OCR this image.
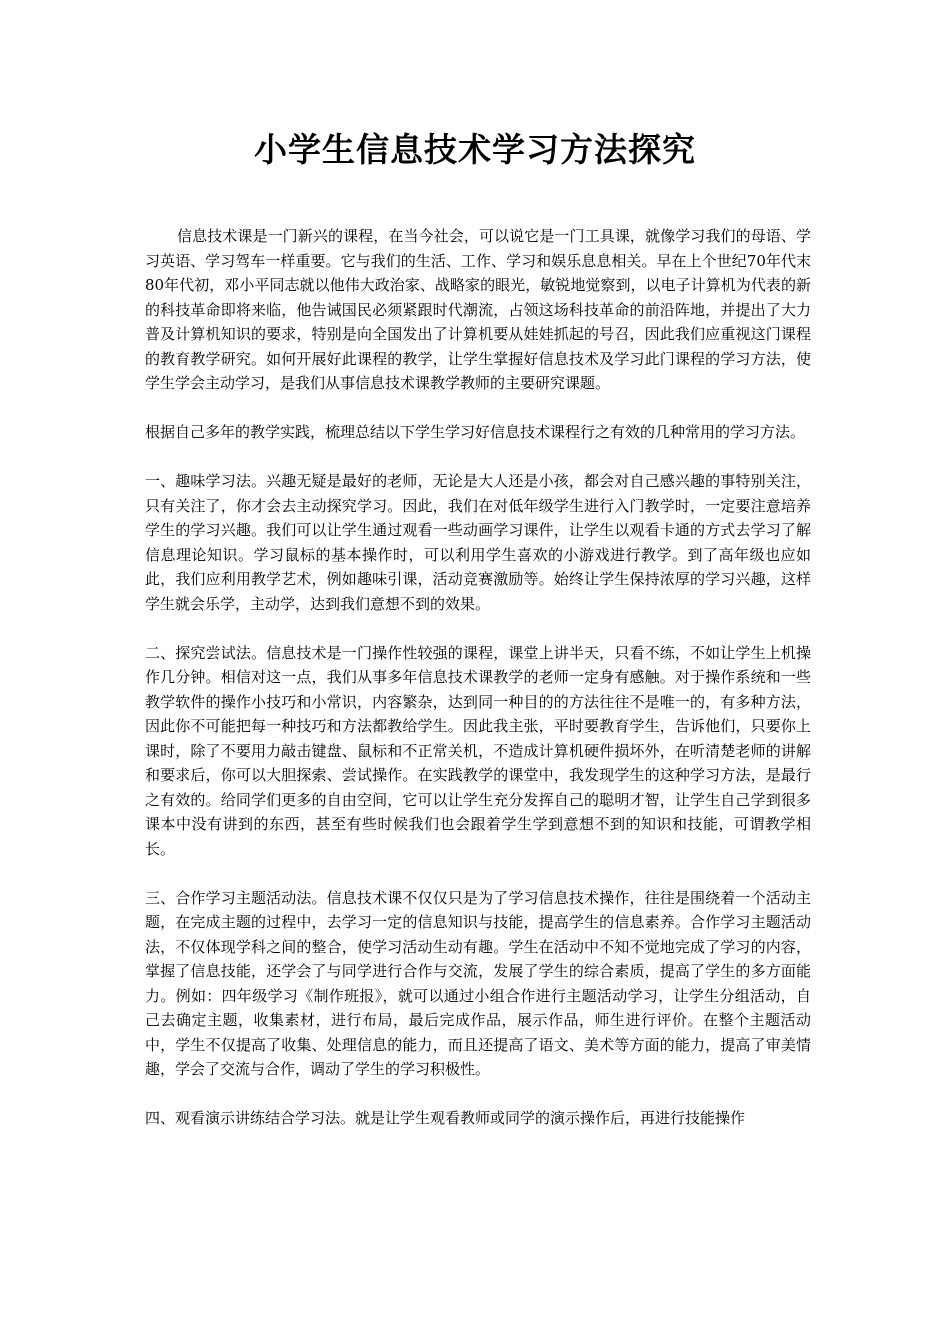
小学生信息技术学习方法探究

信息技术课是一门新兴的课程，在当今社会，可以说它是一门工具课，就像学习我们的母语、学习英语、学习驾车一样重要。它与我们的生活、工作、学习和娱乐息息相关。早在上个世纪70年代末80年代初，邓小平同志就以他伟大政治家、战略家的眼光，敏锐地觉察到，以电子计算机为代表的新的科技革命即将来临，他告诫国民必须紧跟时代潮流，占领这场科技革命的前沿阵地，并提出了大力普及计算机知识的要求，特别是向全国发出了计算机要从娃娃抓起的号召，因此我们应重视这门课程的教育教学研究。如何开展好此课程的教学，让学生掌握好信息技术及学习此门课程的学习方法，使学生学会主动学习，是我们从事信息技术课教学教师的主要研究课题。

根据自己多年的教学实践，梳理总结以下学生学习好信息技术课程行之有效的几种常用的学习方法。

一、趣味学习法。兴趣无疑是最好的老师，无论是大人还是小孩，都会对自己感兴趣的事特别关注，只有关注了，你才会去主动探究学习。因此，我们在对低年级学生进行入门教学时，一定要注意培养学生的学习兴趣。我们可以让学生通过观看一些动画学习课件，让学生以观看卡通的方式去学习了解信息理论知识。学习鼠标的基本操作时，可以利用学生喜欢的小游戏进行教学。到了高年级也应如此，我们应利用教学艺术，例如趣味引课，活动竞赛激励等。始终让学生保持浓厚的学习兴趣，这样学生就会乐学，主动学，达到我们意想不到的效果。

二、探究尝试法。信息技术是一门操作性较强的课程，课堂上讲半天，只看不练，不如让学生上机操作几分钟。相信对这一点，我们从事多年信息技术课教学的老师一定身有感触。对于操作系统和一些教学软件的操作小技巧和小常识，内容繁杂，达到同一种目的的方法往往不是唯一的，有多种方法，因此你不可能把每一种技巧和方法都教给学生。因此我主张，平时要教育学生，告诉他们，只要你上课时，除了不要用力敲击键盘、鼠标和不正常关机，不造成计算机硬件损坏外，在听清楚老师的讲解和要求后，你可以大胆探索、尝试操作。在实践教学的课堂中，我发现学生的这种学习方法，是最行之有效的。给同学们更多的自由空间，它可以让学生充分发挥自己的聪明才智，让学生自己学到很多课本中没有讲到的东西，甚至有些时候我们也会跟着学生学到意想不到的知识和技能，可谓教学相长。

三、合作学习主题活动法。信息技术课不仅仅只是为了学习信息技术操作，往往是围绕着一个活动主题，在完成主题的过程中，去学习一定的信息知识与技能，提高学生的信息素养。合作学习主题活动法，不仅体现学科之间的整合，使学习活动生动有趣。学生在活动中不知不觉地完成了学习的内容，掌握了信息技能，还学会了与同学进行合作与交流，发展了学生的综合素质，提高了学生的多方面能力。例如：四年级学习《制作班报》，就可以通过小组合作进行主题活动学习，让学生分组活动，自己去确定主题，收集素材，进行布局，最后完成作品，展示作品，师生进行评价。在整个主题活动中，学生不仅提高了收集、处理信息的能力，而且还提高了语文、美术等方面的能力，提高了审美情趣，学会了交流与合作，调动了学生的学习积极性。

四、观看演示讲练结合学习法。就是让学生观看教师或同学的演示操作后，再进行技能操作
